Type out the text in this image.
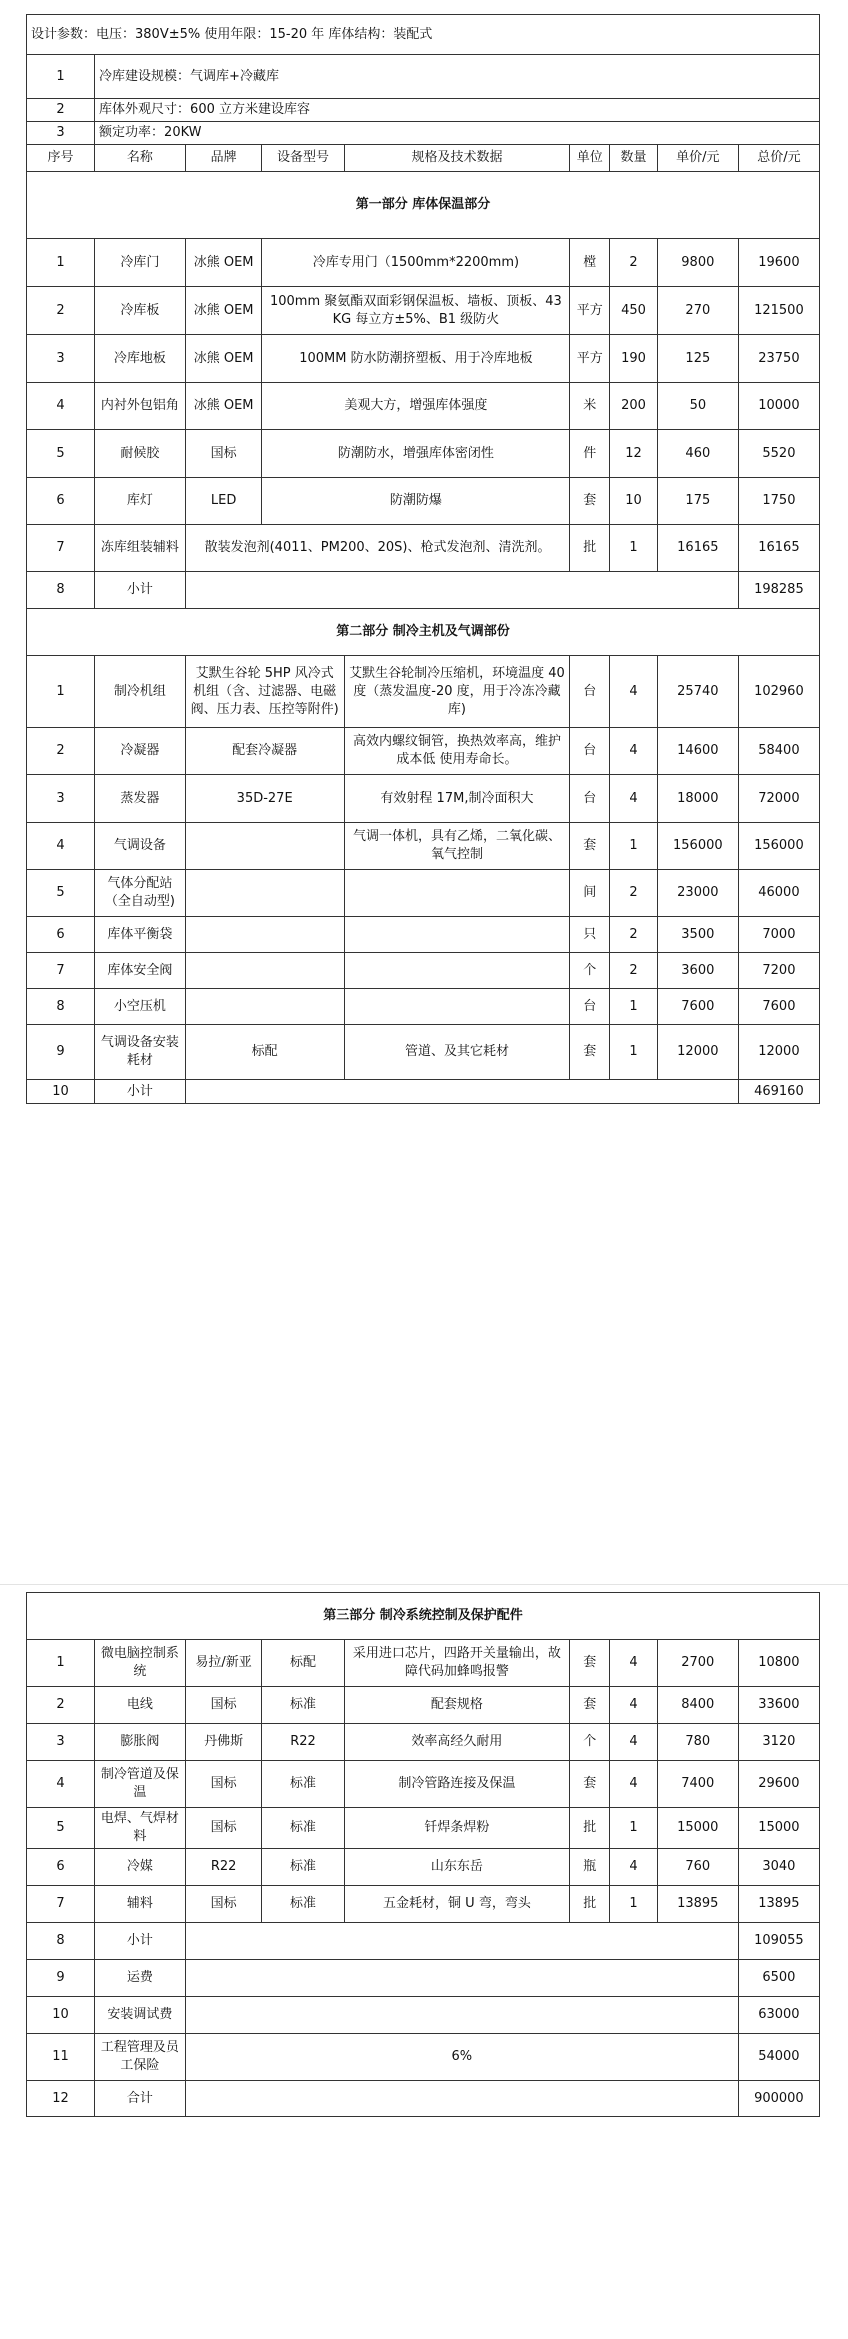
设计参数：电压：380V±5% 使用年限：15-20 年 库体结构：装配式								
1	冷库建设规模：气调库+冷藏库							
2	库体外观尺寸：600 立方米建设库容							
3	额定功率：20KW							
序号	名称	品牌	设备型号	规格及技术数据	单位	数量	单价/元	总价/元
第一部分 库体保温部分								
1	冷库门	冰熊 OEM	冷库专用门（1500mm*2200mm)		樘	2	9800	19600
2	冷库板	冰熊 OEM	100mm 聚氨酯双面彩钢保温板、墙板、顶板、43KG 每立方±5%、B1 级防火		平方	450	270	121500
3	冷库地板	冰熊 OEM	100MM 防水防潮挤塑板、用于冷库地板		平方	190	125	23750
4	内衬外包铝角	冰熊 OEM	美观大方，增强库体强度		米	200	50	10000
5	耐候胶	国标	防潮防水，增强库体密闭性		件	12	460	5520
6	库灯	LED	防潮防爆		套	10	175	1750
7	冻库组装辅料	散装发泡剂(4011、PM200、20S)、枪式发泡剂、清洗剂。			批	1	16165	16165
8	小计							198285
第二部分 制冷主机及气调部份								
1	制冷机组	艾默生谷轮 5HP 风冷式机组（含、过滤器、电磁阀、压力表、压控等附件)		艾默生谷轮制冷压缩机，环境温度 40 度（蒸发温度-20 度，用于冷冻冷藏库)	台	4	25740	102960
2	冷凝器	配套冷凝器		高效内螺纹铜管，换热效率高，维护成本低 使用寿命长。	台	4	14600	58400
3	蒸发器	35D-27E		有效射程 17M,制冷面积大	台	4	18000	72000
4	气调设备			气调一体机，具有乙烯，二氧化碳、氧气控制	套	1	156000	156000
5	气体分配站（全自动型)				间	2	23000	46000
6	库体平衡袋				只	2	3500	7000
7	库体安全阀				个	2	3600	7200
8	小空压机				台	1	7600	7600
9	气调设备安装耗材	标配		管道、及其它耗材	套	1	12000	12000
10	小计							469160
第三部分 制冷系统控制及保护配件								
1	微电脑控制系统	易拉/新亚	标配	采用进口芯片，四路开关量输出，故障代码加蜂鸣报警	套	4	2700	10800
2	电线	国标	标准	配套规格	套	4	8400	33600
3	膨胀阀	丹佛斯	R22	效率高经久耐用	个	4	780	3120
4	制冷管道及保温	国标	标准	制冷管路连接及保温	套	4	7400	29600
5	电焊、气焊材料	国标	标准	钎焊条焊粉	批	1	15000	15000
6	冷媒	R22	标准	山东东岳	瓶	4	760	3040
7	辅料	国标	标准	五金耗材，铜 U 弯，弯头	批	1	13895	13895
8	小计							109055
9	运费							6500
10	安装调试费							63000
11	工程管理及员工保险	6%						54000
12	合计							900000
